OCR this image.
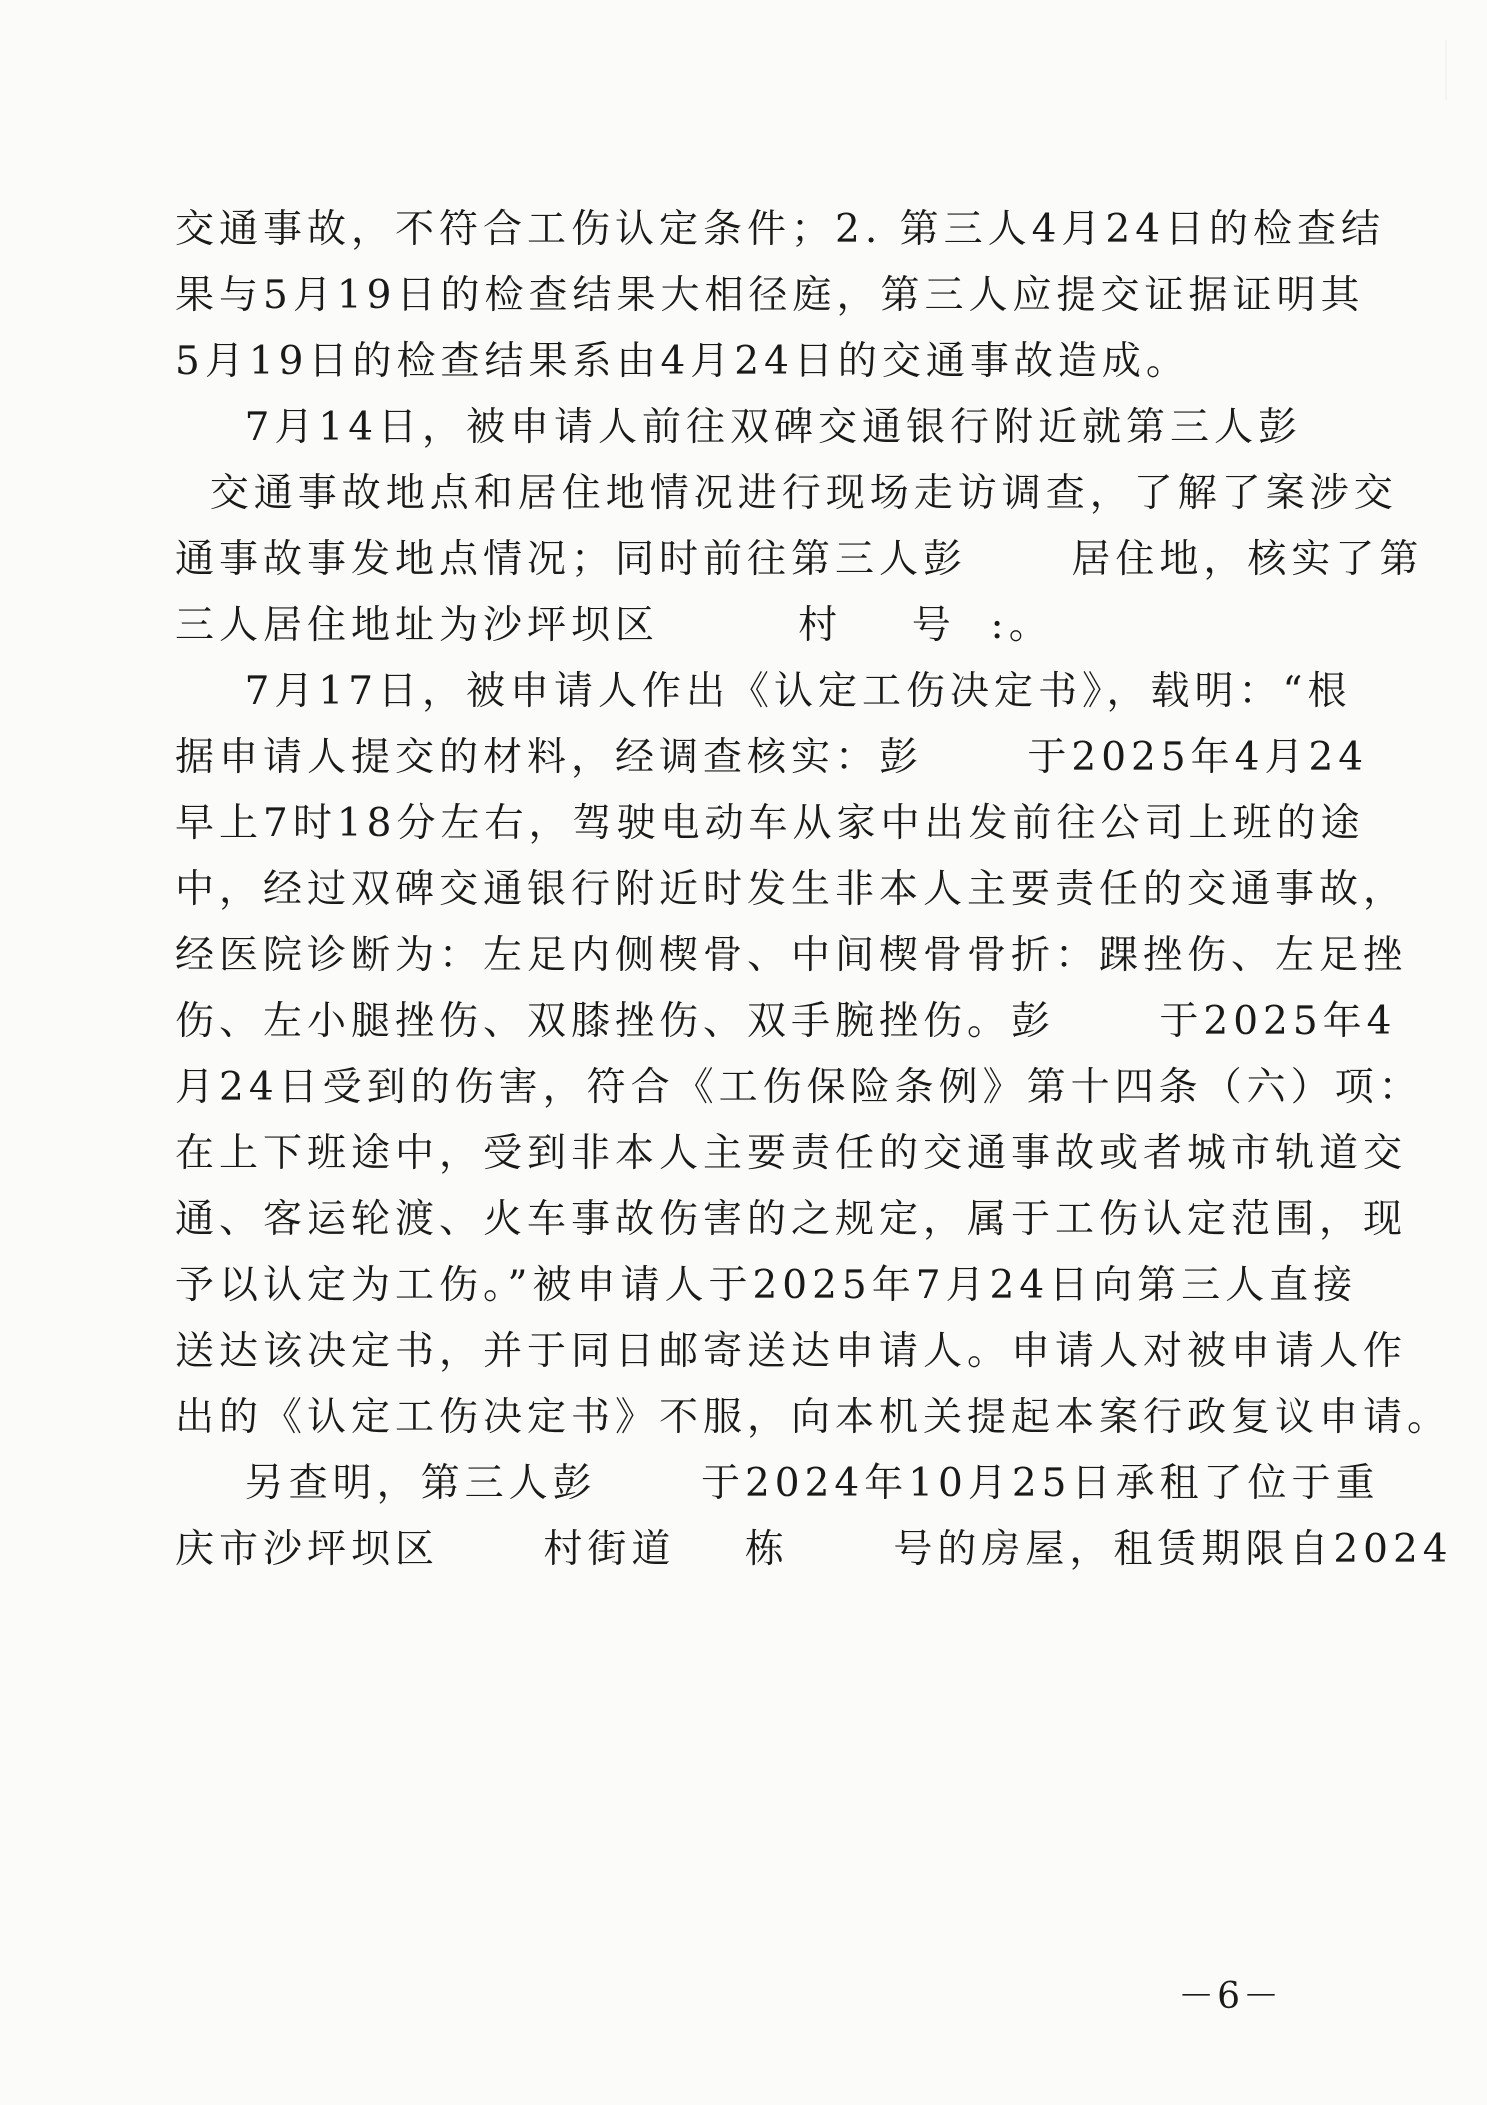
交通事故，不符合工伤认定条件；2. 第三人4月24日的检查结
果与5月19日的检查结果大相径庭，第三人应提交证据证明其
5月19日的检查结果系由4月24日的交通事故造成。
7月14日，被申请人前往双碑交通银行附近就第三人彭
交通事故地点和居住地情况进行现场走访调查，了解了案涉交
通事故事发地点情况；同时前往第三人彭      居住地，核实了第
三人居住地址为沙坪坝区        村    号  :。
7月17日，被申请人作出《认定工伤决定书》，载明：“根
据申请人提交的材料，经调查核实：彭      于2025年4月24
早上7时18分左右，驾驶电动车从家中出发前往公司上班的途
中，经过双碑交通银行附近时发生非本人主要责任的交通事故，
经医院诊断为：左足内侧楔骨、中间楔骨骨折：踝挫伤、左足挫
伤、左小腿挫伤、双膝挫伤、双手腕挫伤。彭      于2025年4
月24日受到的伤害，符合《工伤保险条例》第十四条（六）项：
在上下班途中，受到非本人主要责任的交通事故或者城市轨道交
通、客运轮渡、火车事故伤害的之规定，属于工伤认定范围，现
予以认定为工伤。”被申请人于2025年7月24日向第三人直接
送达该决定书，并于同日邮寄送达申请人。申请人对被申请人作
出的《认定工伤决定书》不服，向本机关提起本案行政复议申请。
另查明，第三人彭      于2024年10月25日承租了位于重
庆市沙坪坝区      村街道    栋      号的房屋，租赁期限自2024
－6－
